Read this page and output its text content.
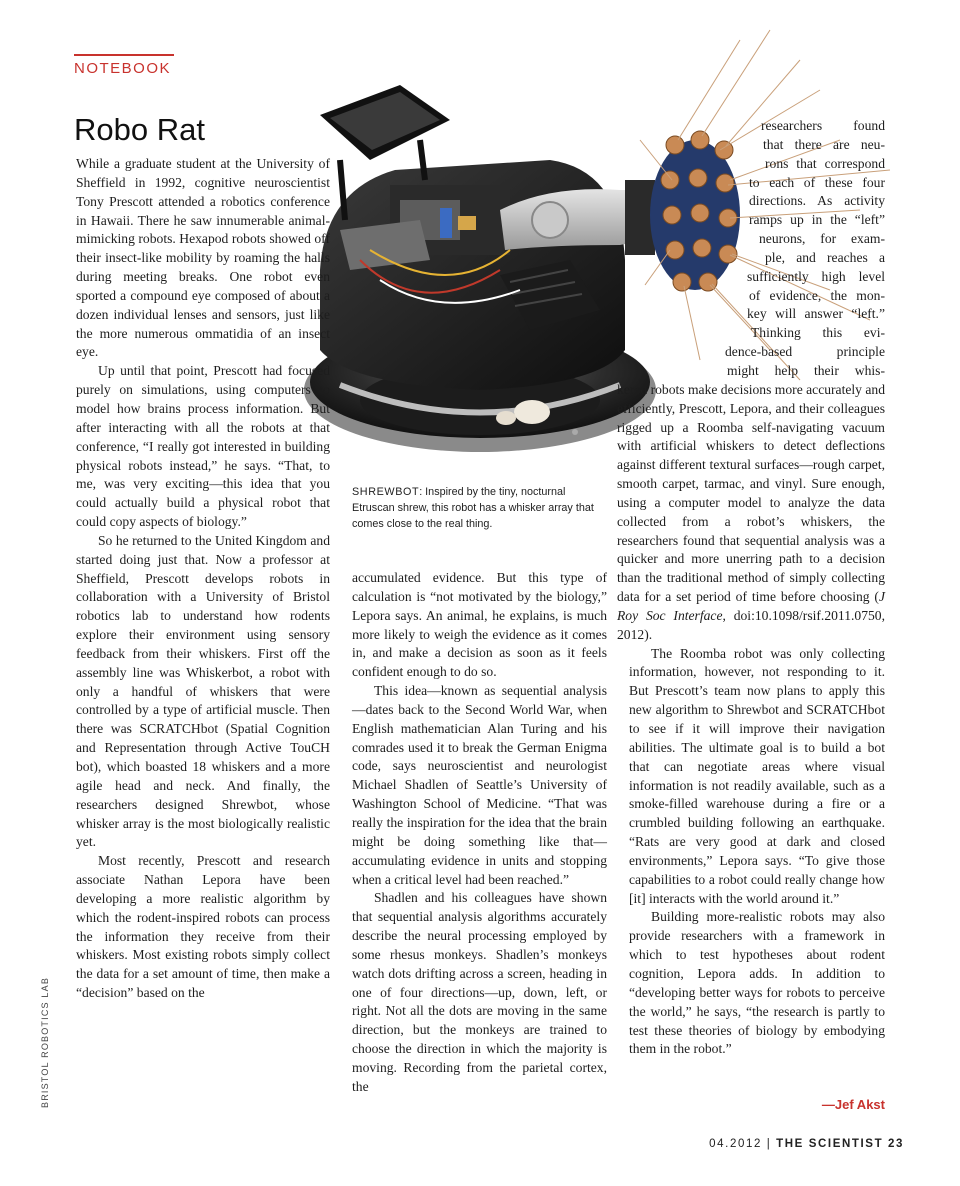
NOTEBOOK
Robo Rat
SHREWBOT: Inspired by the tiny, nocturnal Etruscan shrew, this robot has a whisker array that comes close to the real thing.

While a graduate student at the University of Sheffield in 1992, cognitive neuroscientist Tony Prescott attended a robotics conference in Hawaii. There he saw innumerable animal-mimicking robots. Hexapod robots showed off their insect-like mobility by roaming the halls during meeting breaks. One robot even sported a compound eye composed of about a dozen individual lenses and sensors, just like the more numerous ommatidia of an insect eye.

Up until that point, Prescott had focused purely on simulations, using computers to model how brains process information. But after interacting with all the robots at that conference, “I really got interested in building physical robots instead,” he says. “That, to me, was very exciting—this idea that you could actually build a physical robot that could copy aspects of biology.”

So he returned to the United Kingdom and started doing just that. Now a professor at Sheffield, Prescott develops robots in collaboration with a University of Bristol robotics lab to understand how rodents explore their environment using sensory feedback from their whiskers. First off the assembly line was Whiskerbot, a robot with only a handful of whiskers that were controlled by a type of artificial muscle. Then there was SCRATCHbot (Spatial Cognition and Representation through Active TouCH bot), which boasted 18 whiskers and a more agile head and neck. And finally, the researchers designed Shrewbot, whose whisker array is the most biologically realistic yet.

Most recently, Prescott and research associate Nathan Lepora have been developing a more realistic algorithm by which the rodent-inspired robots can process the information they receive from their whiskers. Most existing robots simply collect the data for a set amount of time, then make a “decision” based on the

accumulated evidence. But this type of calculation is “not motivated by the biology,” Lepora says. An animal, he explains, is much more likely to weigh the evidence as it comes in, and make a decision as soon as it feels confident enough to do so.

This idea—known as sequential analysis—dates back to the Second World War, when English mathematician Alan Turing and his comrades used it to break the German Enigma code, says neuroscientist and neurologist Michael Shadlen of Seattle’s University of Washington School of Medicine. “That was really the inspiration for the idea that the brain might be doing something like that—accumulating evidence in units and stopping when a critical level had been reached.”

Shadlen and his colleagues have shown that sequential analysis algorithms accurately describe the neural processing employed by some rhesus monkeys. Shadlen’s monkeys watch dots drifting across a screen, heading in one of four directions—up, down, left, or right. Not all the dots are moving in the same direction, but the monkeys are trained to choose the direction in which the majority is moving. Recording from the parietal cortex, the

researchers found
that there are neu-
rons that correspond
to each of these four
directions. As activity
ramps up in the “left”
neurons, for exam-
ple, and reaches a
sufficiently high level
of evidence, the mon-
key will answer “left.”
Thinking this evi-
dence-based principle
might help their whis-

kered robots make decisions more accurately and efficiently, Prescott, Lepora, and their colleagues rigged up a Roomba self-navigating vacuum with artificial whiskers to detect deflections against different textural surfaces—rough carpet, smooth carpet, tarmac, and vinyl. Sure enough, using a computer model to analyze the data collected from a robot’s whiskers, the researchers found that sequential analysis was a quicker and more unerring path to a decision than the traditional method of simply collecting data for a set period of time before choosing (J Roy Soc Interface, doi:10.1098/rsif.2011.0750, 2012).

The Roomba robot was only collecting information, however, not responding to it. But Prescott’s team now plans to apply this new algorithm to Shrewbot and SCRATCHbot to see if it will improve their navigation abilities. The ultimate goal is to build a bot that can negotiate areas where visual information is not readily available, such as a smoke-filled warehouse during a fire or a crumbled building following an earthquake. “Rats are very good at dark and closed environments,” Lepora says. “To give those capabilities to a robot could really change how [it] interacts with the world around it.”

Building more-realistic robots may also provide researchers with a framework in which to test hypotheses about rodent cognition, Lepora adds. In addition to “developing better ways for robots to perceive the world,” he says, “the research is partly to test these theories of biology by embodying them in the robot.”

—Jef Akst
BRISTOL ROBOTICS LAB
04.2012 | THE SCIENTIST 23
